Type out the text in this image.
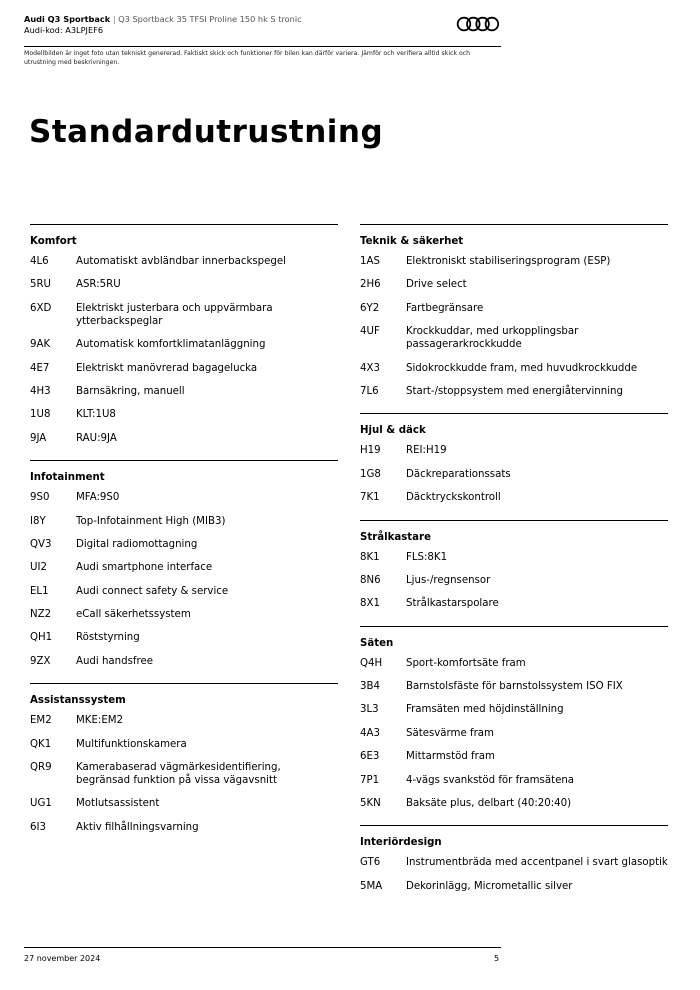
Audi Q3 Sportback | Q3 Sportback 35 TFSI Proline 150 hk S tronic
Audi-kod: A3LPJEF6
Modellbilden är inget foto utan tekniskt genererad. Faktiskt skick och funktioner för bilen kan därför variera. Jämför och verifiera alltid skick och utrustning med beskrivningen.
Standardutrustning
Komfort
4L6	Automatiskt avbländbar innerbackspegel
5RU	ASR:5RU
6XD	Elektriskt justerbara och uppvärmbara ytterbackspeglar
9AK	Automatisk komfortklimatanläggning
4E7	Elektriskt manövrerad bagagelucka
4H3	Barnsäkring, manuell
1U8	KLT:1U8
9JA	RAU:9JA
Infotainment
9S0	MFA:9S0
I8Y	Top-Infotainment High (MIB3)
QV3	Digital radiomottagning
UI2	Audi smartphone interface
EL1	Audi connect safety & service
NZ2	eCall säkerhetssystem
QH1	Röststyrning
9ZX	Audi handsfree
Assistanssystem
EM2	MKE:EM2
QK1	Multifunktionskamera
QR9	Kamerabaserad vägmärkesidentifiering, begränsad funktion på vissa vägavsnitt
UG1	Motlutsassistent
6I3	Aktiv filhållningsvarning
Teknik & säkerhet
1AS	Elektroniskt stabiliseringsprogram (ESP)
2H6	Drive select
6Y2	Fartbegränsare
4UF	Krockkuddar, med urkopplingsbar passagerarkrockkudde
4X3	Sidokrockkudde fram, med huvudkrockkudde
7L6	Start-/stoppsystem med energiåtervinning
Hjul & däck
H19	REI:H19
1G8	Däckreparationssats
7K1	Däcktryckskontroll
Strålkastare
8K1	FLS:8K1
8N6	Ljus-/regnsensor
8X1	Strålkastarspolare
Säten
Q4H	Sport-komfortsäte fram
3B4	Barnstolsfäste för barnstolssystem ISO FIX
3L3	Framsäten med höjdinställning
4A3	Sätesvärme fram
6E3	Mittarmstöd fram
7P1	4-vägs svankstöd för framsätena
5KN	Baksäte plus, delbart (40:20:40)
Interiördesign
GT6	Instrumentbräda med accentpanel i svart glasoptik
5MA	Dekorinlägg, Micrometallic silver
27 november 2024	5
